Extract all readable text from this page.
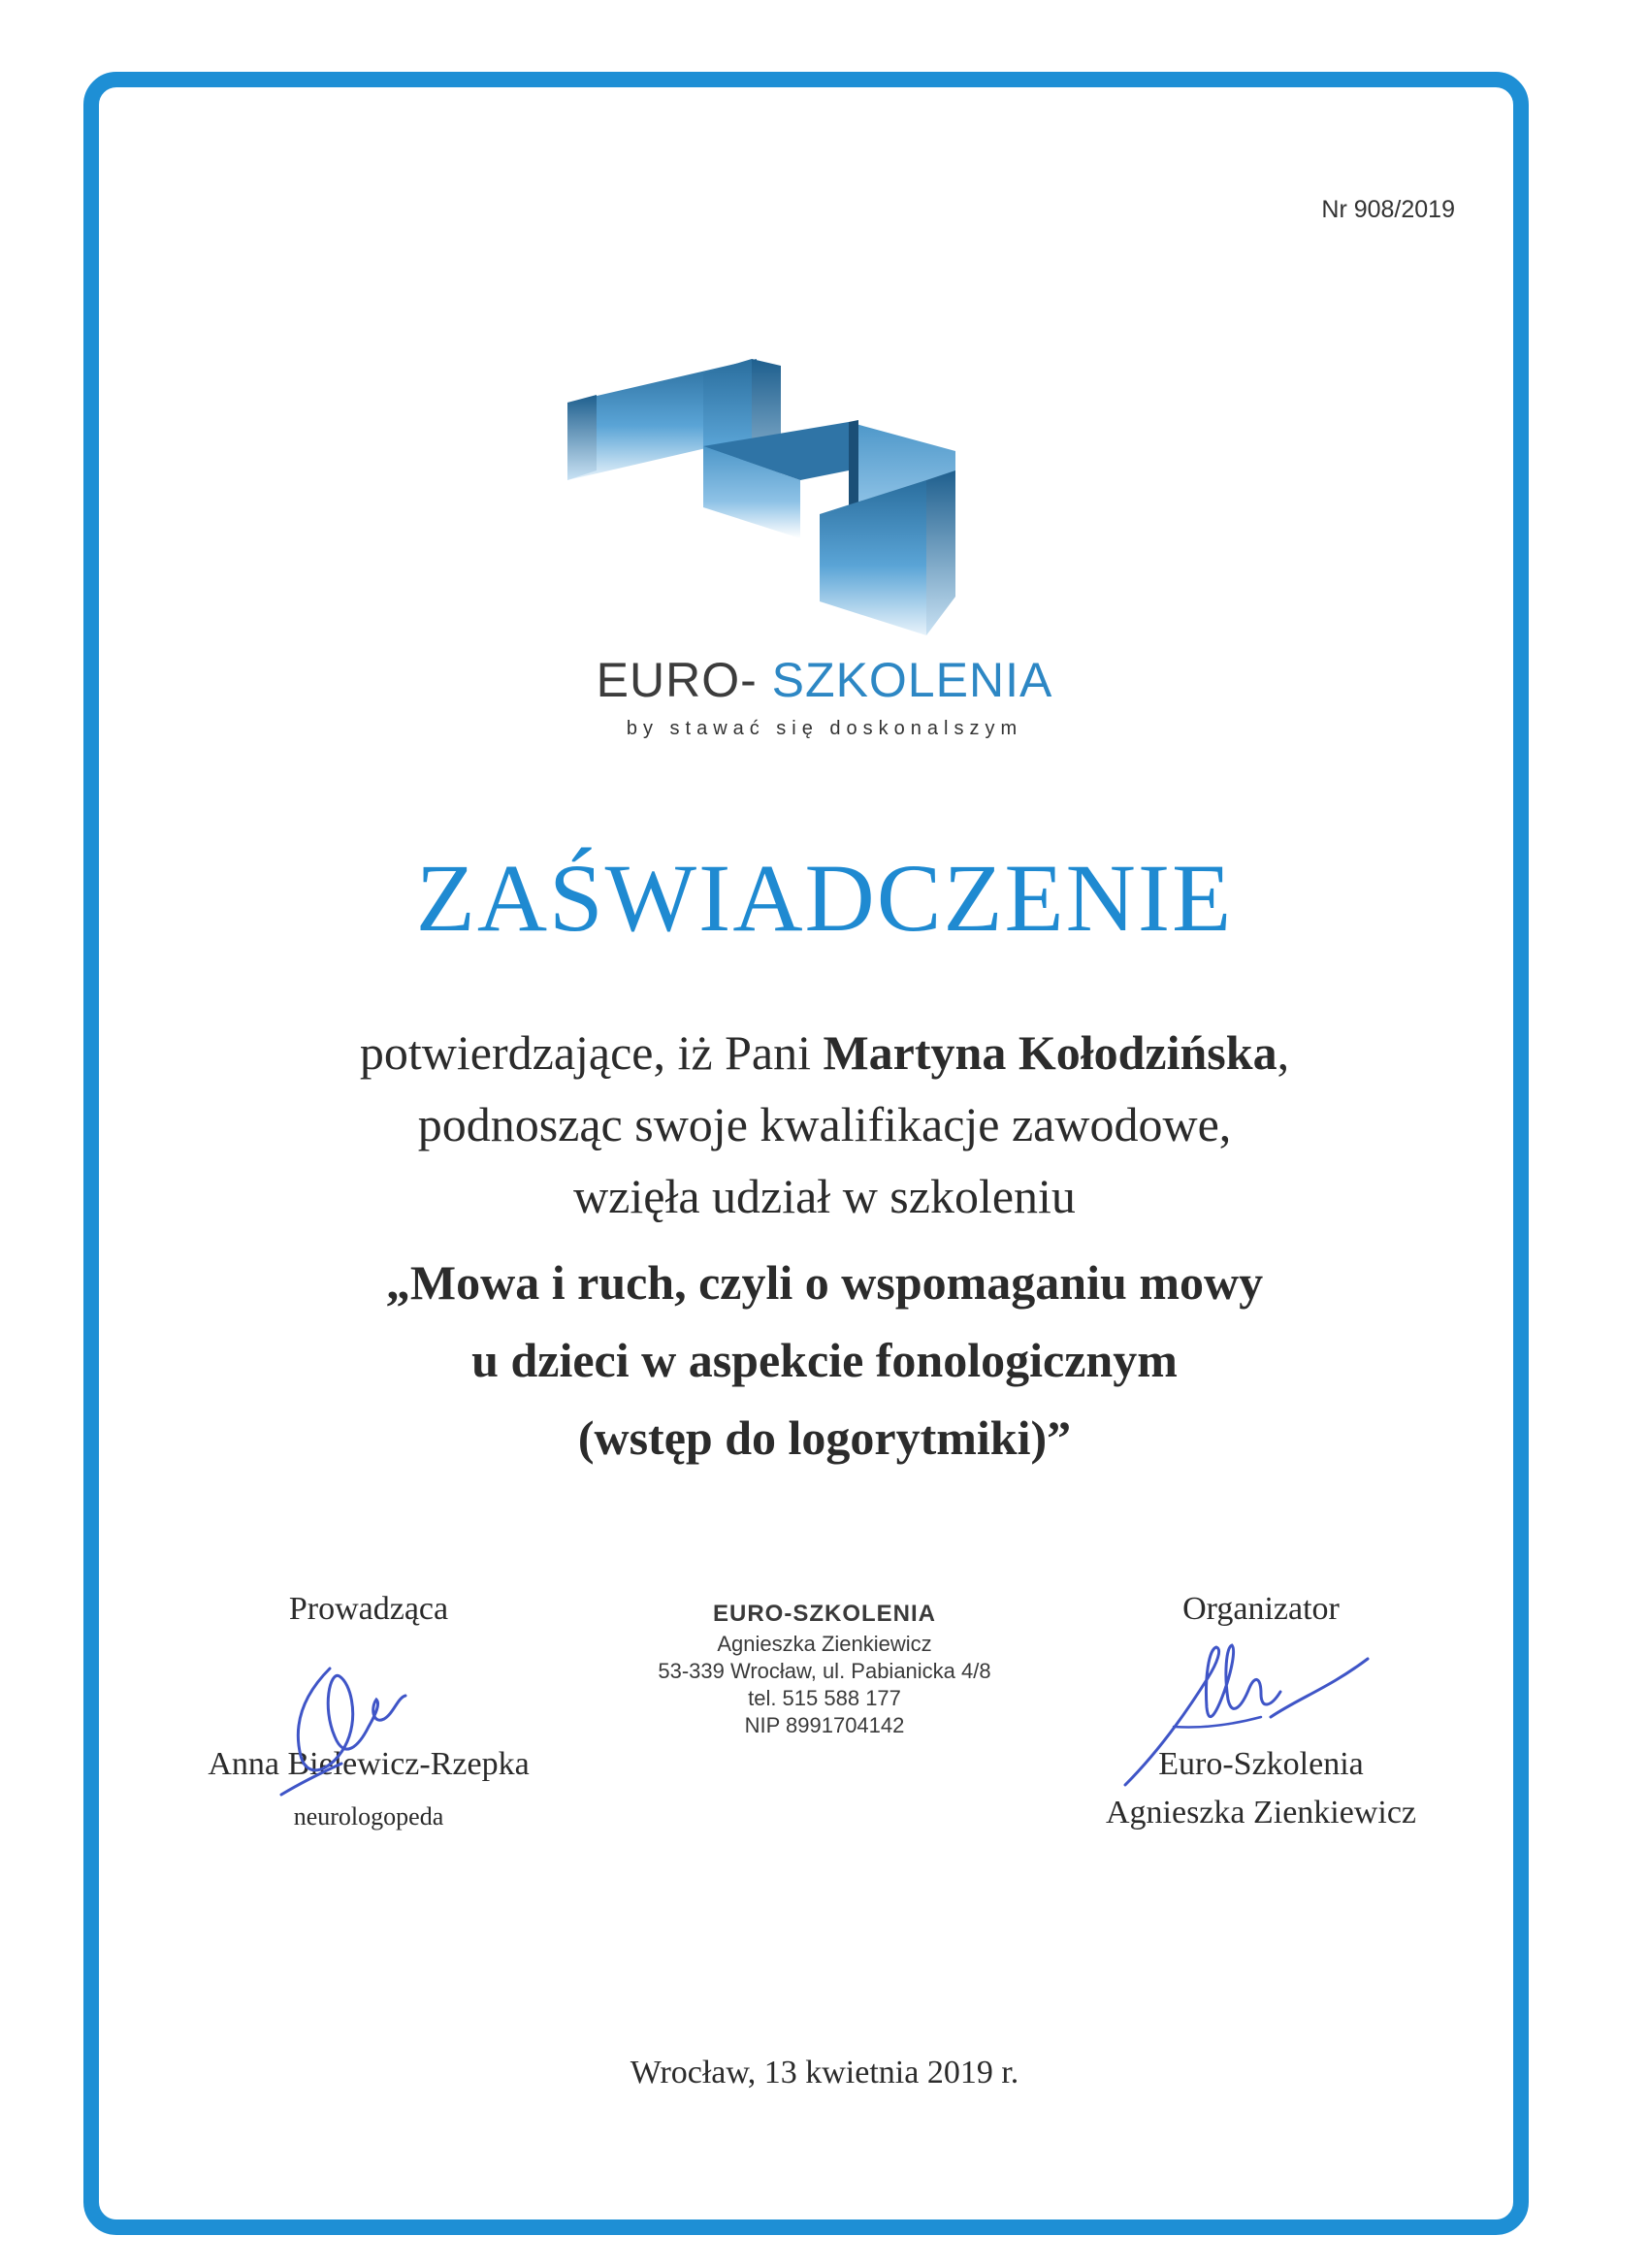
Nr 908/2019
EURO- SZKOLENIA
by stawać się doskonalszym
ZAŚWIADCZENIE
potwierdzające, iż Pani Martyna Kołodzińska,
podnosząc swoje kwalifikacje zawodowe,
wzięła udział w szkoleniu
„Mowa i ruch, czyli o wspomaganiu mowy
u dzieci w aspekcie fonologicznym
(wstęp do logorytmiki)”
Prowadząca
Anna Bielewicz-Rzepka
neurologopeda
EURO-SZKOLENIA
Agnieszka Zienkiewicz
53-339 Wrocław, ul. Pabianicka 4/8
tel. 515 588 177
NIP 8991704142
Organizator
Euro-Szkolenia
Agnieszka Zienkiewicz
Wrocław, 13 kwietnia 2019 r.
